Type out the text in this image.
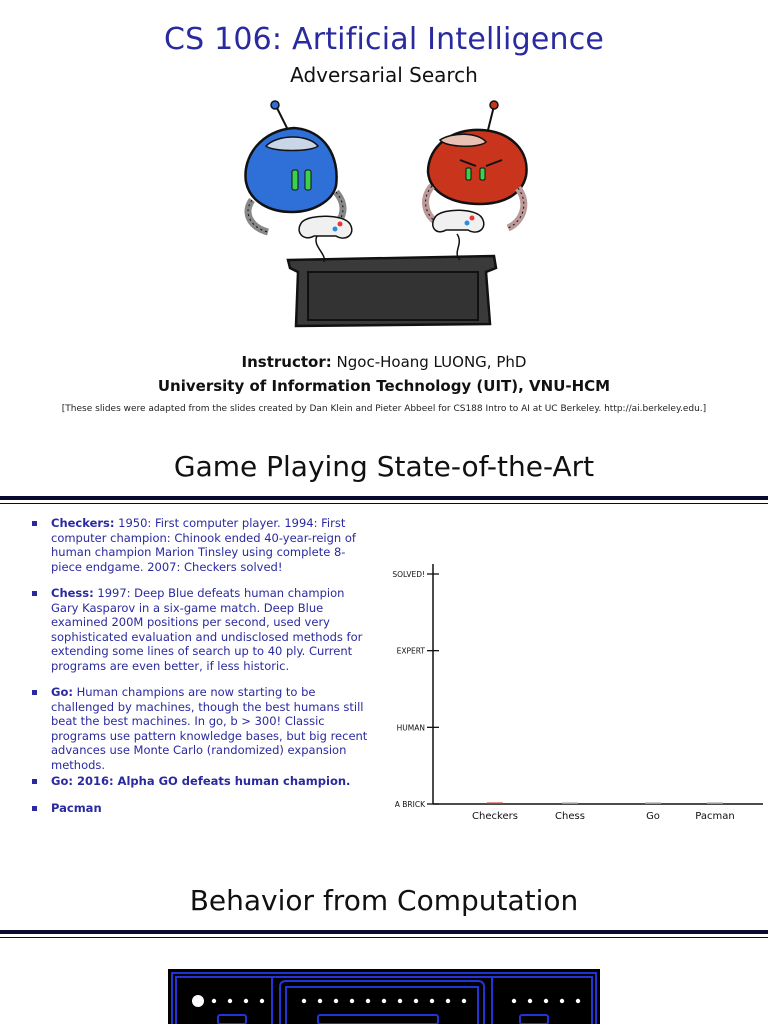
CS 106: Artificial Intelligence
Adversarial Search
Instructor: Ngoc-Hoang LUONG, PhD
University of Information Technology (UIT), VNU-HCM
[These slides were adapted from the slides created by Dan Klein and Pieter Abbeel for CS188 Intro to AI at UC Berkeley. http://ai.berkeley.edu.]
Game Playing State-of-the-Art
Checkers: 1950: First computer player. 1994: First computer champion: Chinook ended 40-year-reign of human champion Marion Tinsley using complete 8-piece endgame. 2007: Checkers solved!
Chess: 1997: Deep Blue defeats human champion Gary Kasparov in a six-game match. Deep Blue examined 200M positions per second, used very sophisticated evaluation and undisclosed methods for extending some lines of search up to 40 ply. Current programs are even better, if less historic.
Go: Human champions are now starting to be challenged by machines, though the best humans still beat the best machines. In go, b > 300! Classic programs use pattern knowledge bases, but big recent advances use Monte Carlo (randomized) expansion methods.
Go: 2016: Alpha GO defeats human champion.
Pacman	A BRICK
HUMAN
EXPERT
SOLVED!
Checkers	Chess	Go	Pacman
Behavior from Computation
